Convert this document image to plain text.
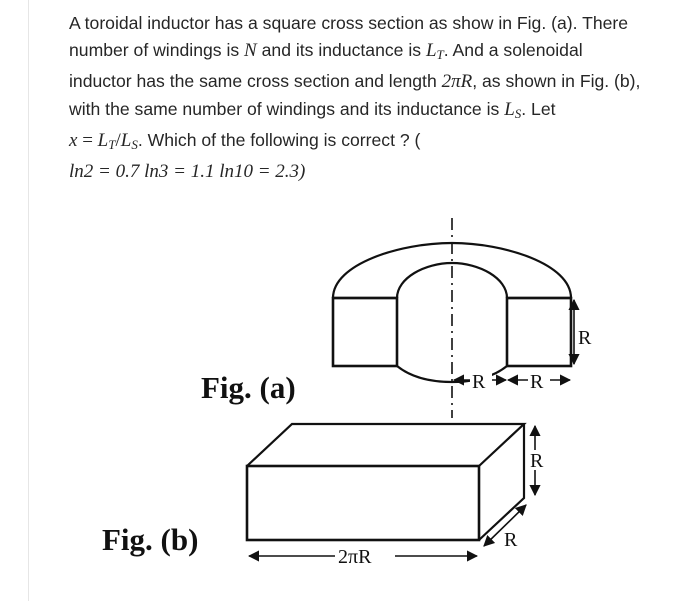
A toroidal inductor has a square cross section as show in Fig. (a). There
number of windings is N and its inductance is $L_T$. And a solenoidal
inductor has the same cross section and length 2πR, as shown in Fig. (b),
with the same number of windings and its inductance is $L_S$. Let
$x = L_T/L_S$. Which of the following is correct ? (
ln2 = 0.7 ln3 = 1.1 ln10 = 2.3)
R
R R
Fig. (a)
R
R
2πR
Fig. (b)
